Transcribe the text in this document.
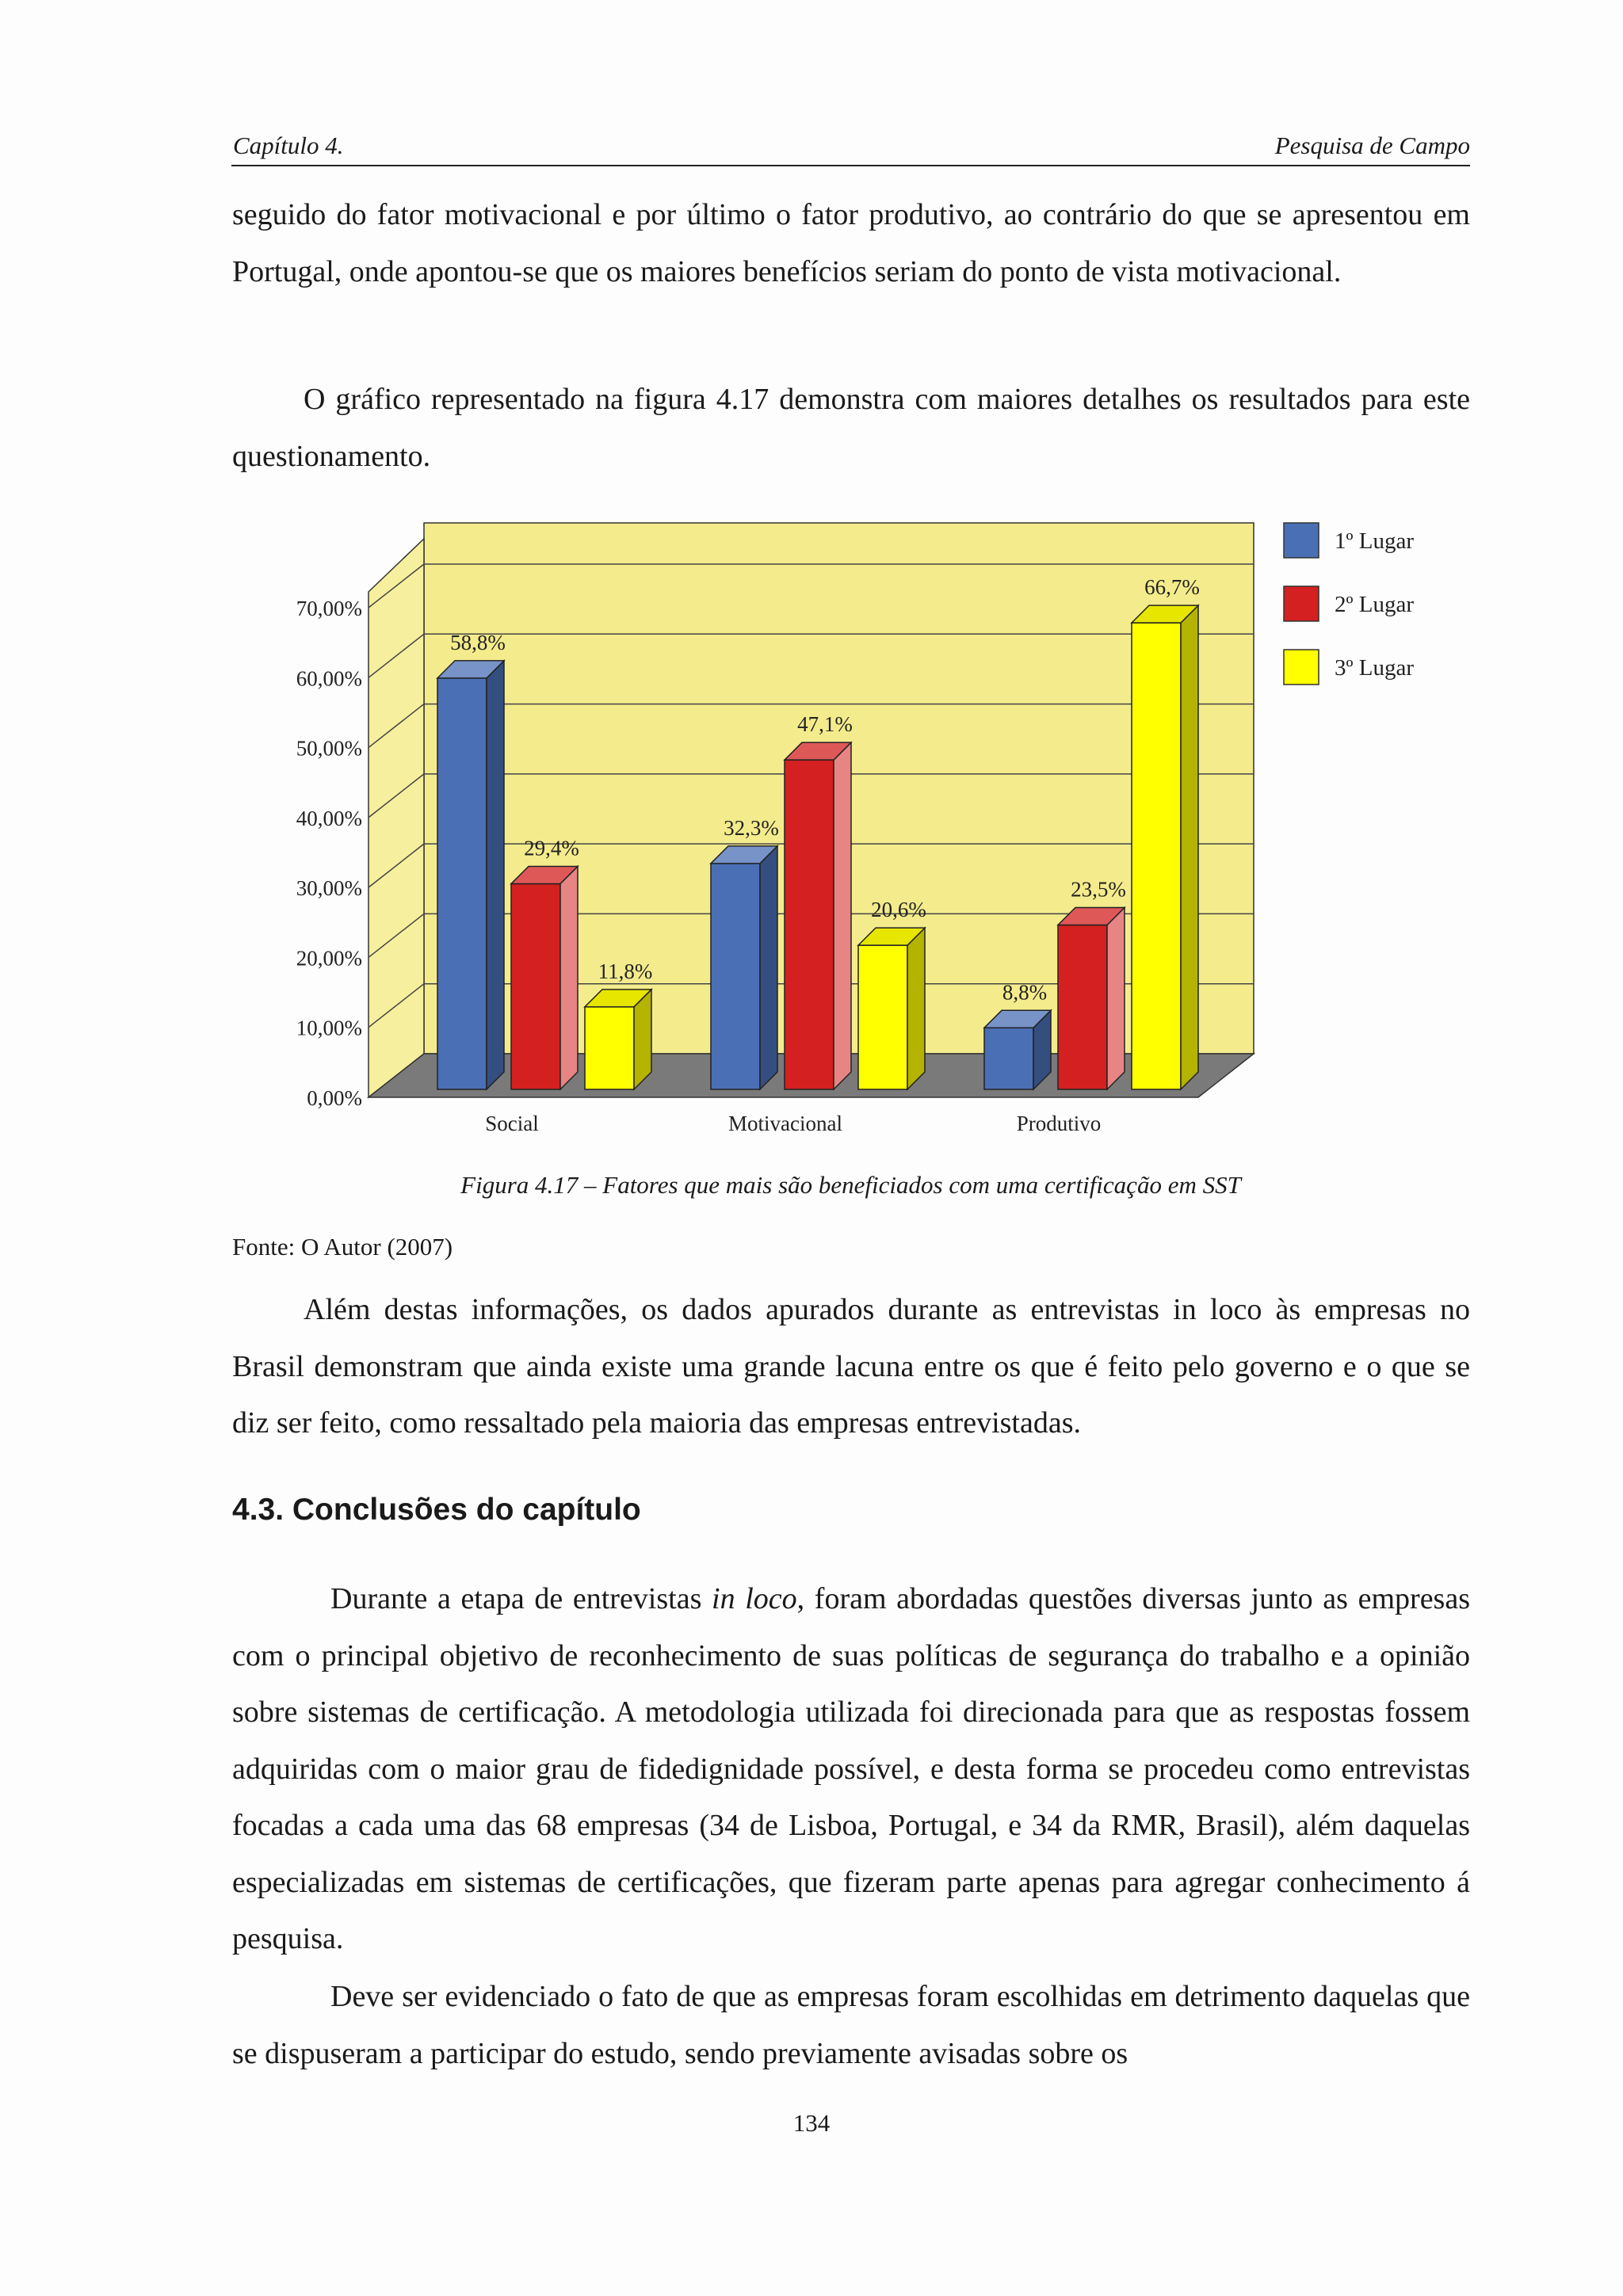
Capítulo 4.	Pesquisa de Campo

seguido do fator motivacional e por último o fator produtivo, ao contrário do que se apresentou em Portugal, onde apontou-se que os maiores benefícios seriam do ponto de vista motivacional.

O gráfico representado na figura 4.17 demonstra com maiores detalhes os resultados para este questionamento.

0,00%
10,00%
20,00%
30,00%
40,00%
50,00%
60,00%
70,00%
58,8%
29,4%
11,8%
Social
32,3%
47,1%
20,6%
Motivacional
8,8%
23,5%
66,7%
Produtivo
1º Lugar
2º Lugar
3º Lugar
Figura 4.17 – Fatores que mais são beneficiados com uma certificação em SST
Fonte: O Autor (2007)

Além destas informações, os dados apurados durante as entrevistas in loco às empresas no Brasil demonstram que ainda existe uma grande lacuna entre os que é feito pelo governo e o que se diz ser feito, como ressaltado pela maioria das empresas entrevistadas.

4.3. Conclusões do capítulo

Durante a etapa de entrevistas in loco, foram abordadas questões diversas junto as empresas com o principal objetivo de reconhecimento de suas políticas de segurança do trabalho e a opinião sobre sistemas de certificação. A metodologia utilizada foi direcionada para que as respostas fossem adquiridas com o maior grau de fidedignidade possível, e desta forma se procedeu como entrevistas focadas a cada uma das 68 empresas (34 de Lisboa, Portugal, e 34 da RMR, Brasil), além daquelas especializadas em sistemas de certificações, que fizeram parte apenas para agregar conhecimento á pesquisa.

Deve ser evidenciado o fato de que as empresas foram escolhidas em detrimento daquelas que se dispuseram a participar do estudo, sendo previamente avisadas sobre os

134
